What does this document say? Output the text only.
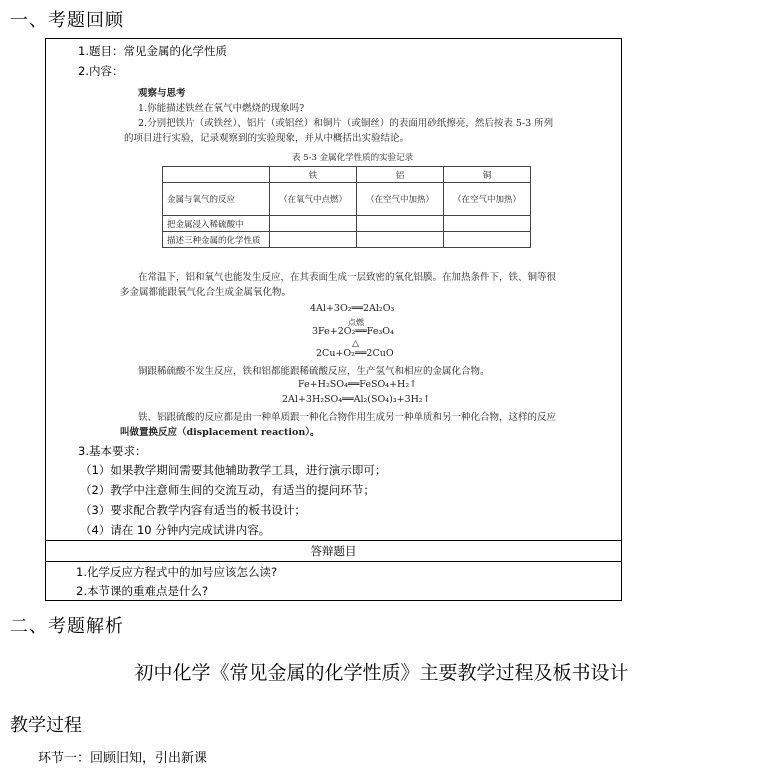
一、考题回顾
1.题目：常见金属的化学性质
2.内容：
观察与思考
1.你能描述铁丝在氧气中燃烧的现象吗?
2.分别把铁片（或铁丝）、铝片（或铝丝）和铜片（或铜丝）的表面用砂纸擦亮，然后按表 5-3 所列
的项目进行实验，记录观察到的实验现象，并从中概括出实验结论。
表 5-3 金属化学性质的实验记录
	铁	铝	铜
金属与氧气的反应	（在氧气中点燃）	（在空气中加热）	（在空气中加热）
把金属浸入稀硫酸中			
描述三种金属的化学性质			
在常温下，铝和氧气也能发生反应，在其表面生成一层致密的氧化铝膜。在加热条件下，铁、铜等很
多金属都能跟氧气化合生成金属氧化物。
4Al+3O₂══2Al₂O₃
点燃
3Fe+2O₂══Fe₃O₄
△
2Cu+O₂══2CuO
铜跟稀硫酸不发生反应，铁和铝都能跟稀硫酸反应，生产氢气和相应的金属化合物。
Fe+H₂SO₄══FeSO₄+H₂↑
2Al+3H₂SO₄══Al₂(SO₄)₃+3H₂↑
铁、铝跟硫酸的反应都是由一种单质跟一种化合物作用生成另一种单质和另一种化合物，这样的反应
叫做置换反应（displacement reaction）。
3.基本要求：
（1）如果教学期间需要其他辅助教学工具，进行演示即可；
（2）教学中注意师生间的交流互动，有适当的提问环节；
（3）要求配合教学内容有适当的板书设计；
（4）请在 10 分钟内完成试讲内容。
答辩题目
1.化学反应方程式中的加号应该怎么读?
2.本节课的重难点是什么?
二、考题解析
初中化学《常见金属的化学性质》主要教学过程及板书设计
教学过程
环节一：回顾旧知，引出新课
